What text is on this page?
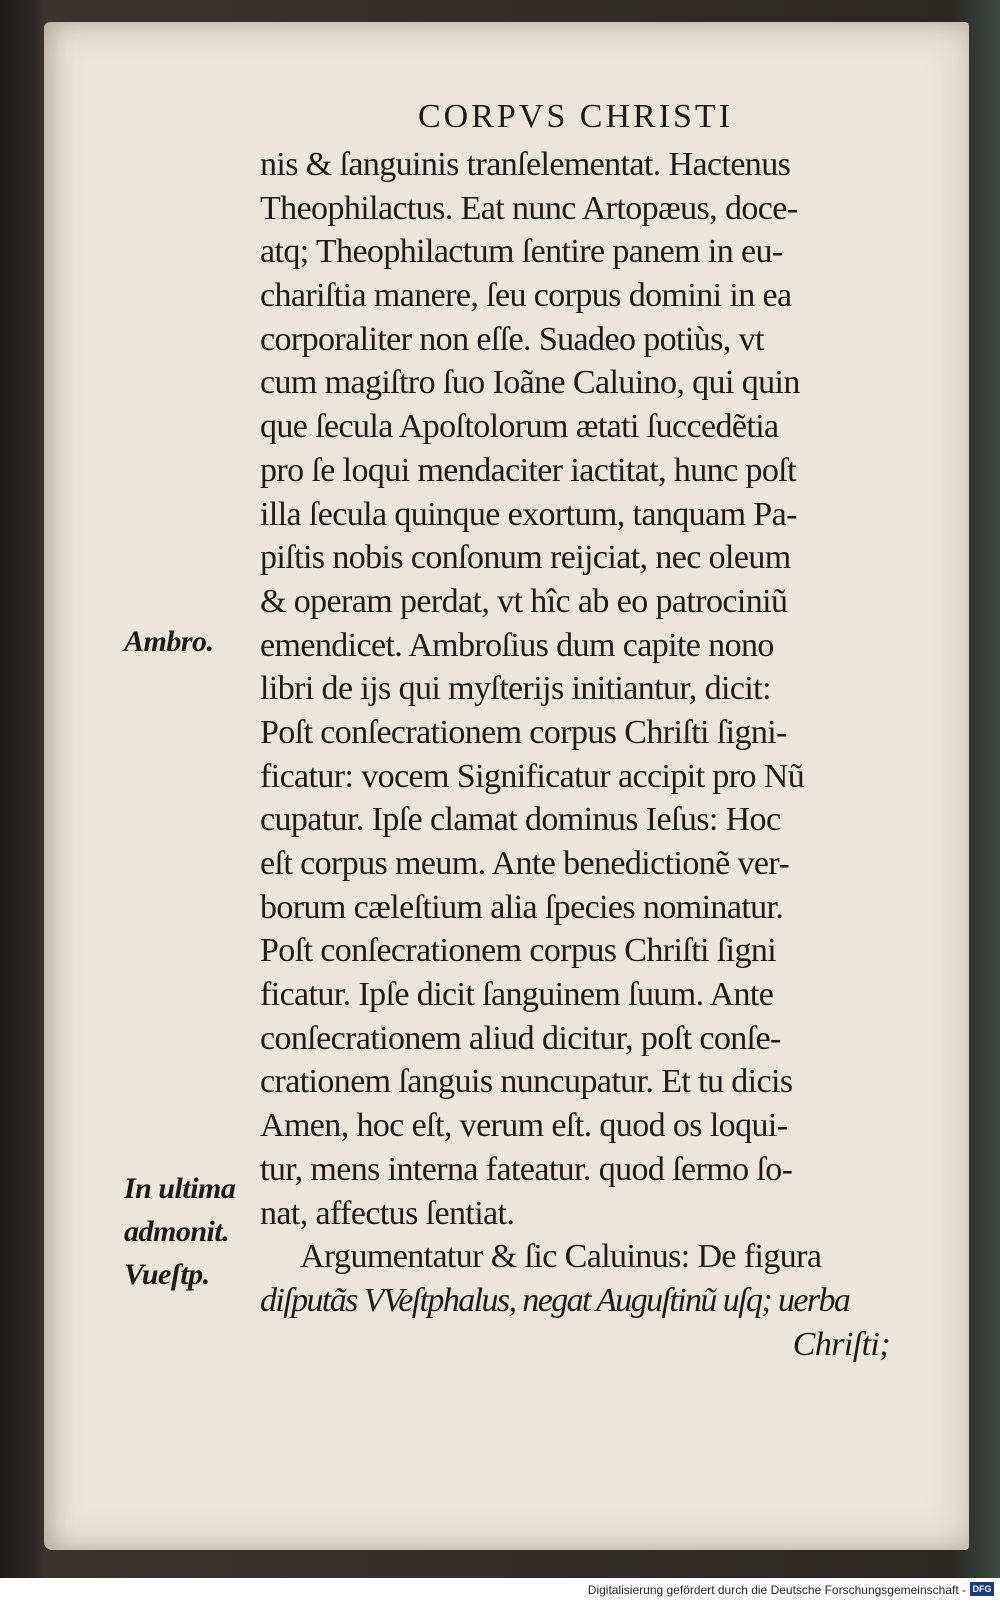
CORPVS CHRISTI
nis & ſanguinis tranſelementat. Hactenus
Theophilactus. Eat nunc Artopæus, doce-
atq; Theophilactum ſentire panem in eu-
chariſtia manere, ſeu corpus domini in ea
corporaliter non eſſe. Suadeo potiùs, vt
cum magiſtro ſuo Ioãne Caluino, qui quin
que ſecula Apoſtolorum ætati ſuccedẽtia
pro ſe loqui mendaciter iactitat, hunc poſt
illa ſecula quinque exortum, tanquam Pa-
piſtis nobis conſonum reijciat, nec oleum
& operam perdat, vt hîc ab eo patrociniũ
emendicet. Ambroſius dum capite nono
libri de ijs qui myſterijs initiantur, dicit:
Poſt conſecrationem corpus Chriſti ſigni-
ficatur: vocem Significatur accipit pro Nũ
cupatur. Ipſe clamat dominus Ieſus: Hoc
eſt corpus meum. Ante benedictionẽ ver-
borum cæleſtium alia ſpecies nominatur.
Poſt conſecrationem corpus Chriſti ſigni
ficatur. Ipſe dicit ſanguinem ſuum. Ante
conſecrationem aliud dicitur, poſt conſe-
crationem ſanguis nuncupatur. Et tu dicis
Amen, hoc eſt, verum eſt. quod os loqui-
tur, mens interna fateatur. quod ſermo ſo-
nat, affectus ſentiat.
Argumentatur & ſic Caluinus: De figura
diſputãs VVeſtphalus, negat Auguſtinũ uſq; uerba
Chriſti;
Ambro.
In ultima
admonit.
Vueſtp.
Digitalisierung gefördert durch die Deutsche Forschungsgemeinschaft - DFG
